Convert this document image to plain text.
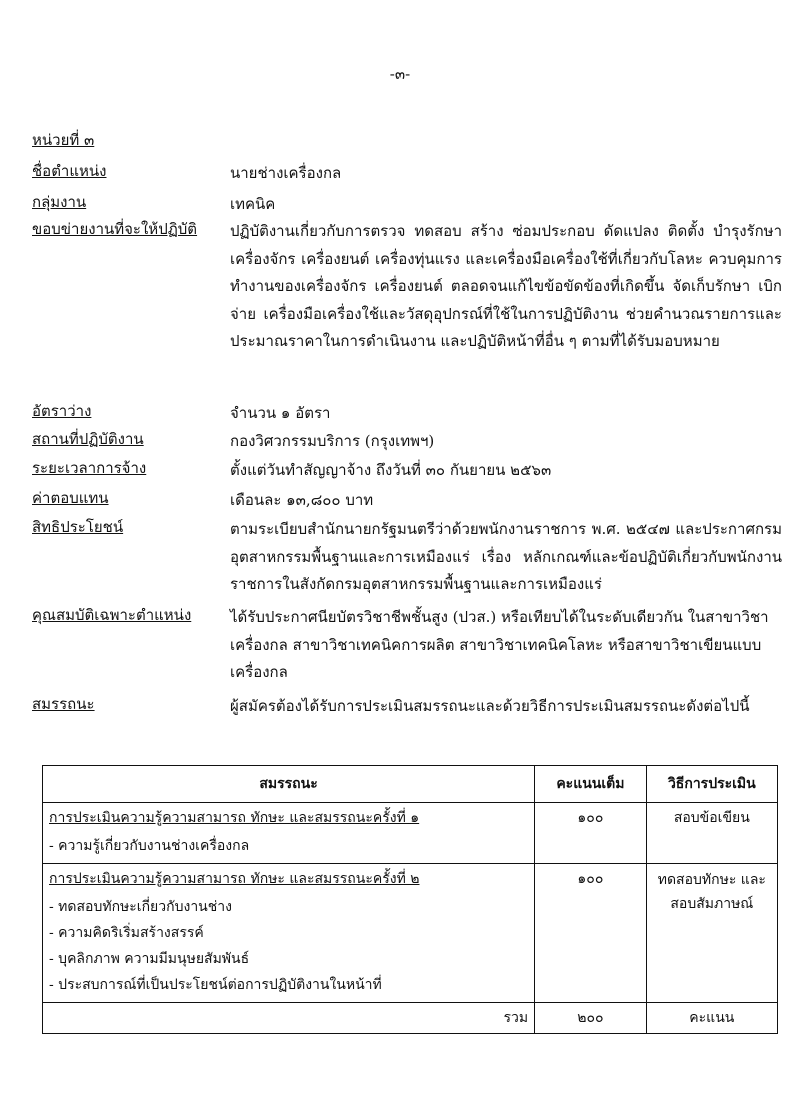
-๓-
หน่วยที่ ๓
ชื่อตำแหน่ง	นายช่างเครื่องกล
กลุ่มงาน	เทคนิค
ขอบข่ายงานที่จะให้ปฏิบัติ ปฏิบัติงานเกี่ยวกับการตรวจ ทดสอบ สร้าง ซ่อมประกอบ ดัดแปลง ติดตั้ง บำรุงรักษา เครื่องจักร เครื่องยนต์ เครื่องทุ่นแรง และเครื่องมือเครื่องใช้ที่เกี่ยวกับโลหะ ควบคุมการทำงานของเครื่องจักร เครื่องยนต์ ตลอดจนแก้ไขข้อขัดข้องที่เกิดขึ้น จัดเก็บรักษา เบิกจ่าย เครื่องมือเครื่องใช้และวัสดุอุปกรณ์ที่ใช้ในการปฏิบัติงาน ช่วยคำนวณรายการและประมาณราคาในการดำเนินงาน และปฏิบัติหน้าที่อื่น ๆ ตามที่ได้รับมอบหมาย
อัตราว่าง	จำนวน ๑ อัตรา
สถานที่ปฏิบัติงาน	กองวิศวกรรมบริการ (กรุงเทพฯ)
ระยะเวลาการจ้าง	ตั้งแต่วันทำสัญญาจ้าง ถึงวันที่ ๓๐ กันยายน ๒๕๖๓
ค่าตอบแทน	เดือนละ ๑๓,๘๐๐ บาท
สิทธิประโยชน์	ตามระเบียบสำนักนายกรัฐมนตรีว่าด้วยพนักงานราชการ พ.ศ. ๒๕๔๗ และประกาศกรมอุตสาหกรรมพื้นฐานและการเหมืองแร่ เรื่อง หลักเกณฑ์และข้อปฏิบัติเกี่ยวกับพนักงานราชการในสังกัดกรมอุตสาหกรรมพื้นฐานและการเหมืองแร่
คุณสมบัติเฉพาะตำแหน่ง	ได้รับประกาศนียบัตรวิชาชีพชั้นสูง (ปวส.) หรือเทียบได้ในระดับเดียวกัน ในสาขาวิชาเครื่องกล สาขาวิชาเทคนิคการผลิต สาขาวิชาเทคนิคโลหะ หรือสาขาวิชาเขียนแบบเครื่องกล
สมรรถนะ	ผู้สมัครต้องได้รับการประเมินสมรรถนะและด้วยวิธีการประเมินสมรรถนะดังต่อไปนี้
สมรรถนะ	คะแนนเต็ม	วิธีการประเมิน

การประเมินความรู้ความสามารถ ทักษะ และสมรรถนะครั้งที่ ๑
- ความรู้เกี่ยวกับงานช่างเครื่องกล	๑๐๐	สอบข้อเขียน

การประเมินความรู้ความสามารถ ทักษะ และสมรรถนะครั้งที่ ๒
- ทดสอบทักษะเกี่ยวกับงานช่าง
- ความคิดริเริ่มสร้างสรรค์
- บุคลิกภาพ ความมีมนุษยสัมพันธ์
- ประสบการณ์ที่เป็นประโยชน์ต่อการปฏิบัติงานในหน้าที่	๑๐๐	ทดสอบทักษะ และสอบสัมภาษณ์
รวม	๒๐๐	คะแนน
